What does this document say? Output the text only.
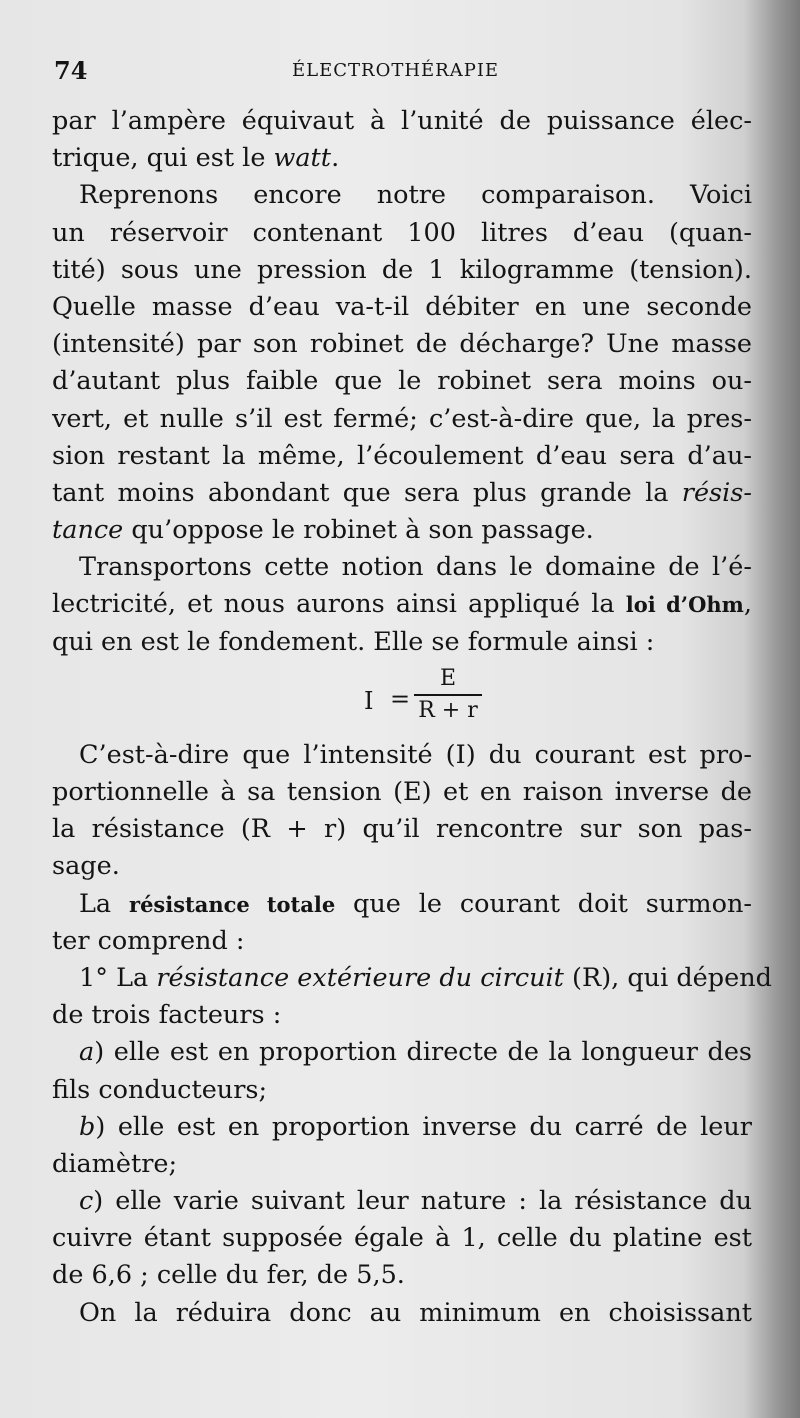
74	ÉLECTROTHÉRAPIE
par l’ampère équivaut à l’unité de puissance élec-
trique, qui est le watt.
Reprenons encore notre comparaison. Voici
un réservoir contenant 100 litres d’eau (quan-
tité) sous une pression de 1 kilogramme (tension).
Quelle masse d’eau va-t-il débiter en une seconde
(intensité) par son robinet de décharge? Une masse
d’autant plus faible que le robinet sera moins ou-
vert, et nulle s’il est fermé; c’est-à-dire que, la pres-
sion restant la même, l’écoulement d’eau sera d’au-
tant moins abondant que sera plus grande la résis-
tance qu’oppose le robinet à son passage.
Transportons cette notion dans le domaine de l’é-
lectricité, et nous aurons ainsi appliqué la loi d’Ohm,
qui en est le fondement. Elle se formule ainsi :
I =
E
R + r
C’est-à-dire que l’intensité (I) du courant est pro-
portionnelle à sa tension (E) et en raison inverse de
la résistance (R + r) qu’il rencontre sur son pas-
sage.
La résistance totale que le courant doit surmon-
ter comprend :
1° La résistance extérieure du circuit (R), qui dépend
de trois facteurs :
a) elle est en proportion directe de la longueur des
fils conducteurs;
b) elle est en proportion inverse du carré de leur
diamètre;
c) elle varie suivant leur nature : la résistance du
cuivre étant supposée égale à 1, celle du platine est
de 6,6 ; celle du fer, de 5,5.
On la réduira donc au minimum en choisissant
